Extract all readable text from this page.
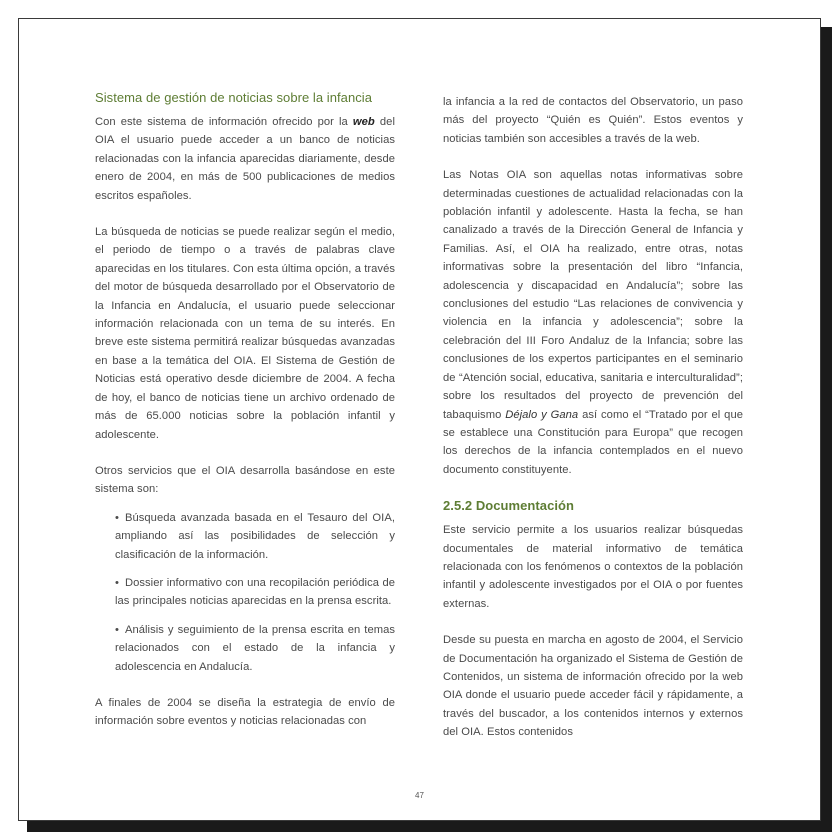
Sistema de gestión de noticias sobre la infancia

Con este sistema de información ofrecido por la web del OIA el usuario puede acceder a un banco de noticias relacionadas con la infancia aparecidas diariamente, desde enero de 2004, en más de 500 publicaciones de medios escritos españoles.

La búsqueda de noticias se puede realizar según el medio, el periodo de tiempo o a través de palabras clave aparecidas en los titulares. Con esta última opción, a través del motor de búsqueda desarrollado por el Observatorio de la Infancia en Andalucía, el usuario puede seleccionar información relacionada con un tema de su interés. En breve este sistema permitirá realizar búsquedas avanzadas en base a la temática del OIA. El Sistema de Gestión de Noticias está operativo desde diciembre de 2004. A fecha de hoy, el banco de noticias tiene un archivo ordenado de más de 65.000 noticias sobre la población infantil y adolescente.

Otros servicios que el OIA desarrolla basándose en este sistema son:

• Búsqueda avanzada basada en el Tesauro del OIA, ampliando así las posibilidades de selección y clasificación de la información.
• Dossier informativo con una recopilación periódica de las principales noticias aparecidas en la prensa escrita.
• Análisis y seguimiento de la prensa escrita en temas relacionados con el estado de la infancia y adolescencia en Andalucía.

A finales de 2004 se diseña la estrategia de envío de información sobre eventos y noticias relacionadas con

la infancia a la red de contactos del Observatorio, un paso más del proyecto “Quién es Quién”. Estos eventos y noticias también son accesibles a través de la web.

Las Notas OIA son aquellas notas informativas sobre determinadas cuestiones de actualidad relacionadas con la población infantil y adolescente. Hasta la fecha, se han canalizado a través de la Dirección General de Infancia y Familias. Así, el OIA ha realizado, entre otras, notas informativas sobre la presentación del libro “Infancia, adolescencia y discapacidad en Andalucía”; sobre las conclusiones del estudio “Las relaciones de convivencia y violencia en la infancia y adolescencia”; sobre la celebración del III Foro Andaluz de la Infancia; sobre las conclusiones de los expertos participantes en el seminario de “Atención social, educativa, sanitaria e interculturalidad”; sobre los resultados del proyecto de prevención del tabaquismo Déjalo y Gana así como el “Tratado por el que se establece una Constitución para Europa” que recogen los derechos de la infancia contemplados en el nuevo documento constituyente.

2.5.2 Documentación

Este servicio permite a los usuarios realizar búsquedas documentales de material informativo de temática relacionada con los fenómenos o contextos de la población infantil y adolescente investigados por el OIA o por fuentes externas.

Desde su puesta en marcha en agosto de 2004, el Servicio de Documentación ha organizado el Sistema de Gestión de Contenidos, un sistema de información ofrecido por la web OIA donde el usuario puede acceder fácil y rápidamente, a través del buscador, a los contenidos internos y externos del OIA. Estos contenidos

47
